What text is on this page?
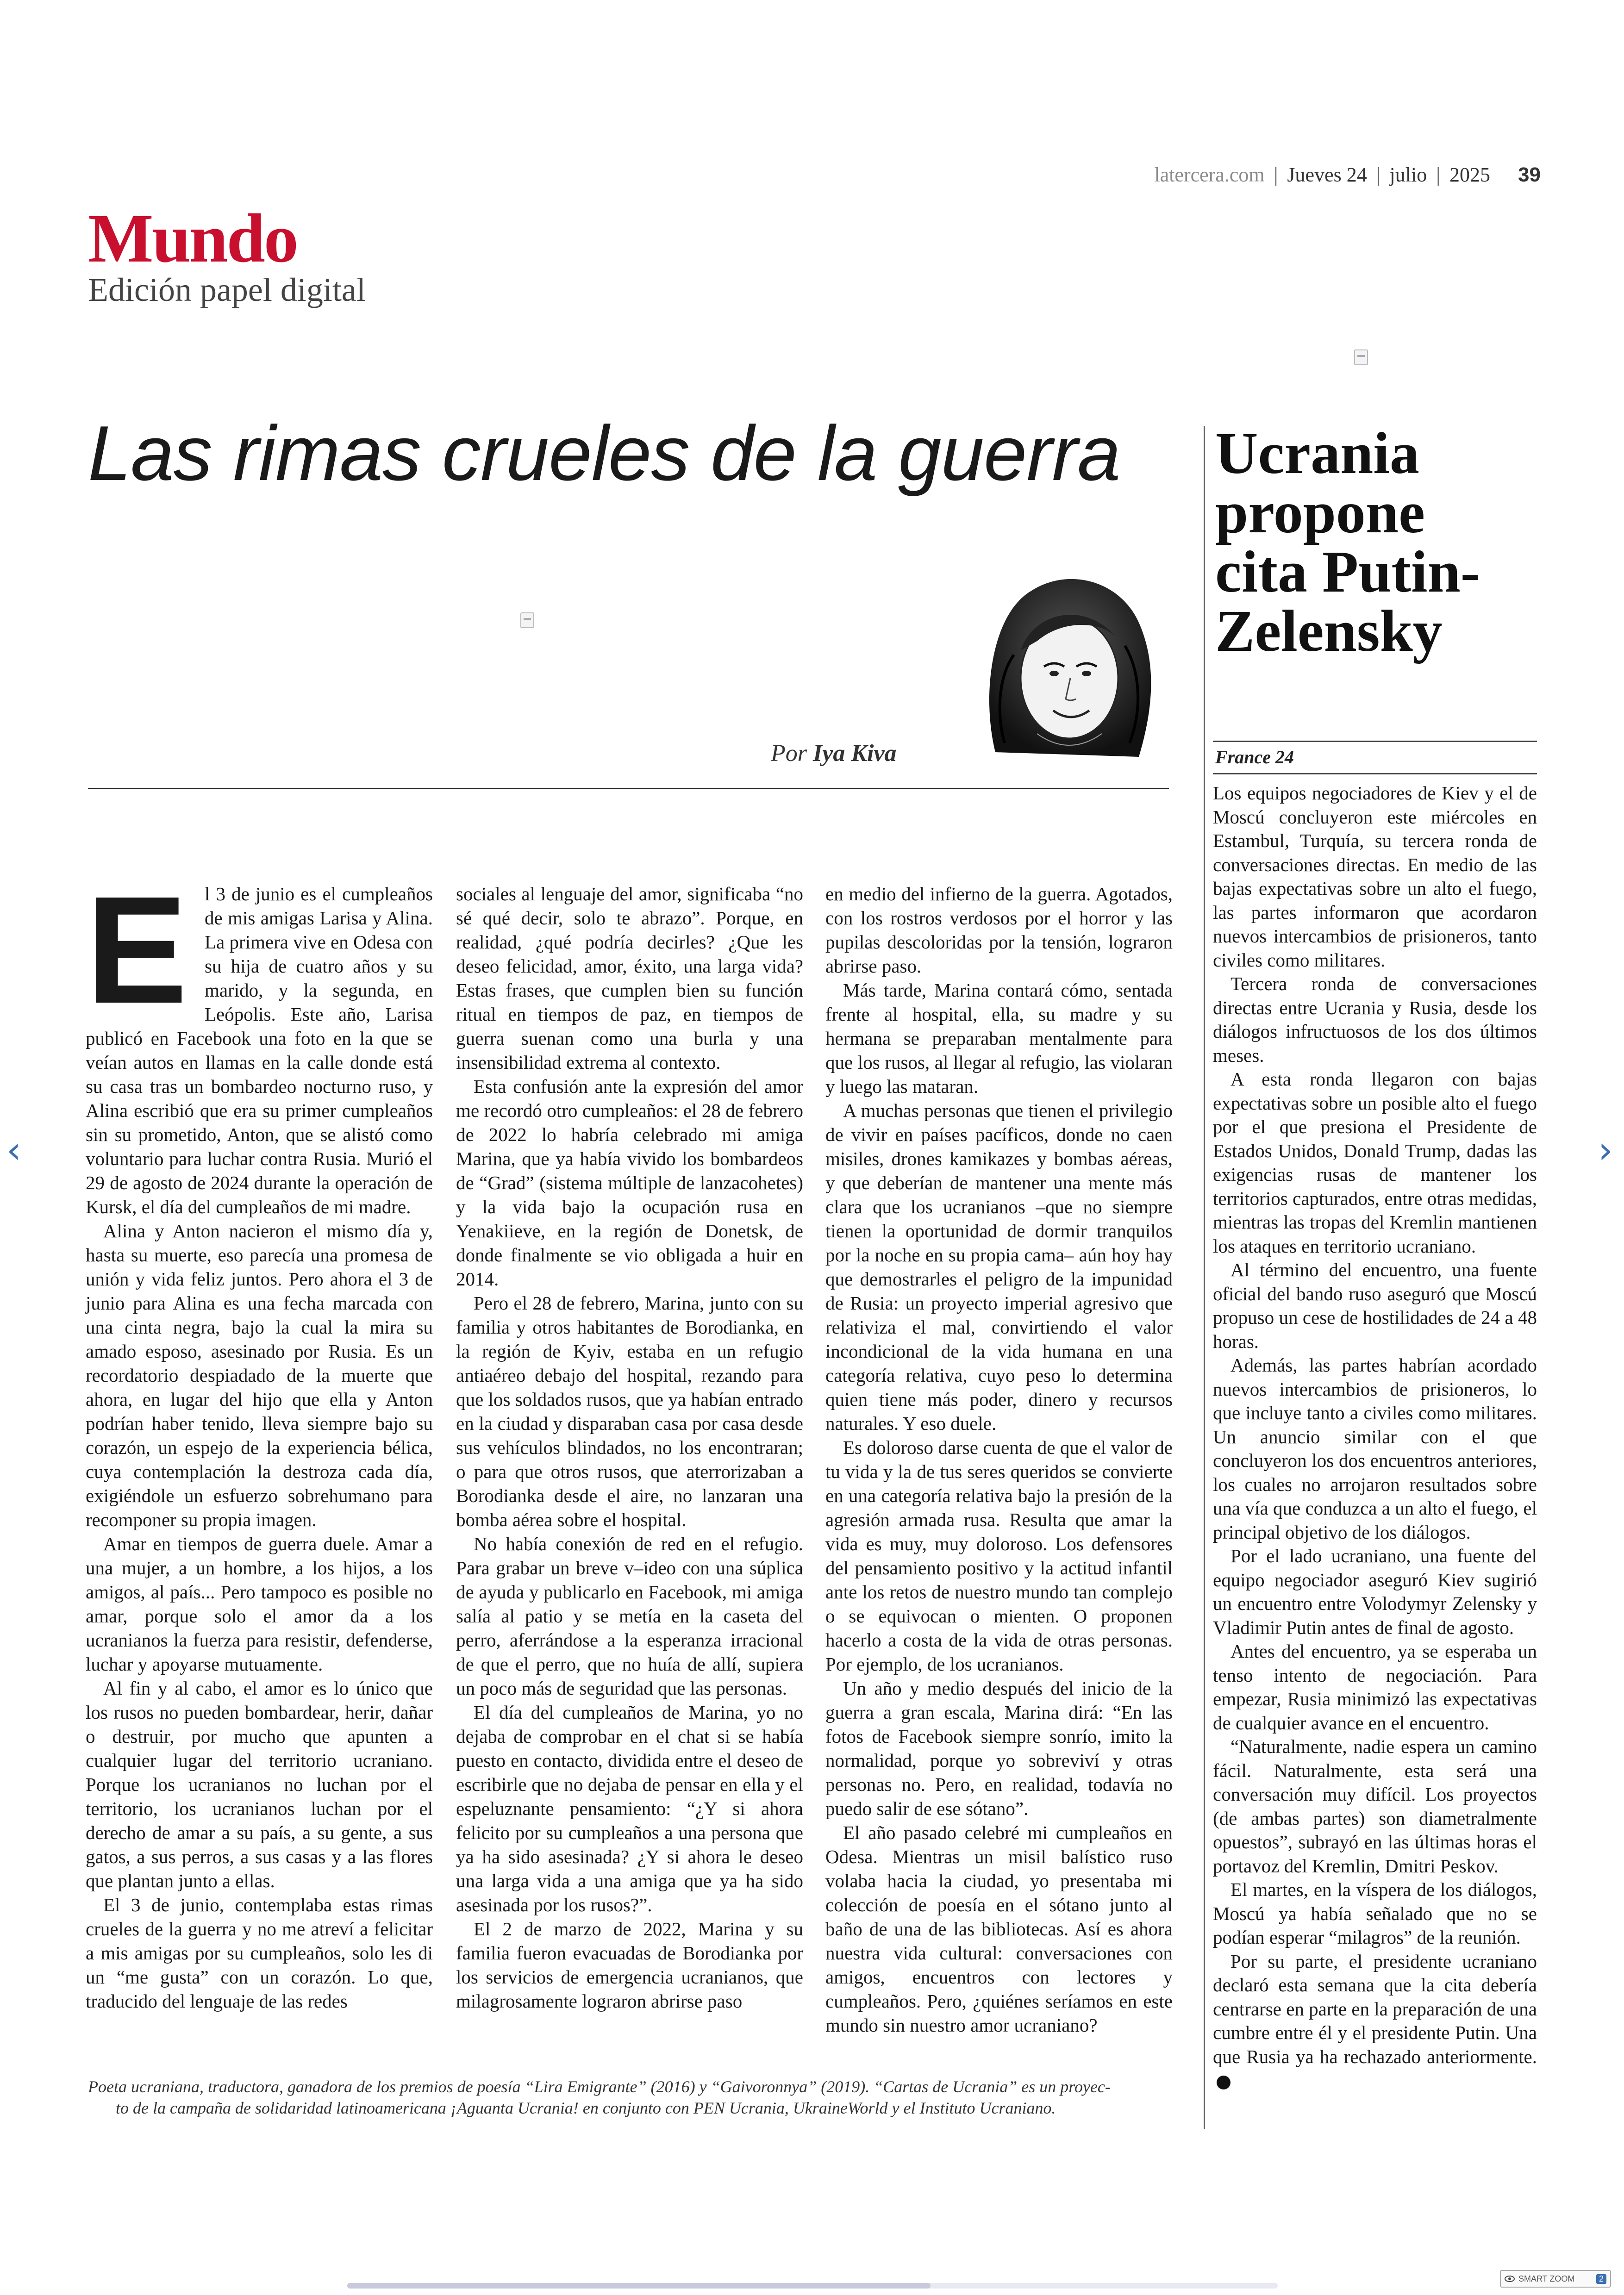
latercera.com | Jueves 24 | julio | 2025 39
Mundo
Edición papel digital
Las rimas crueles de la guerra
Por Iya Kiva
Ucrania propone cita Putin-Zelensky
France 24

Los equipos negociadores de Kiev y el de Moscú concluyeron este miércoles en Estambul, Turquía, su tercera ronda de conversaciones directas. En medio de las bajas expectativas sobre un alto el fuego, las partes informaron que acordaron nuevos intercambios de prisioneros, tanto civiles como militares.

Tercera ronda de conversaciones directas entre Ucrania y Rusia, desde los diálogos infructuosos de los dos últimos meses.

A esta ronda llegaron con bajas expectativas sobre un posible alto el fuego por el que presiona el Presidente de Estados Unidos, Donald Trump, dadas las exigencias rusas de mantener los territorios capturados, entre otras medidas, mientras las tropas del Kremlin mantienen los ataques en territorio ucraniano.

Al término del encuentro, una fuente oficial del bando ruso aseguró que Moscú propuso un cese de hostilidades de 24 a 48 horas.

Además, las partes habrían acordado nuevos intercambios de prisioneros, lo que incluye tanto a civiles como militares. Un anuncio similar con el que concluyeron los dos encuentros anteriores, los cuales no arrojaron resultados sobre una vía que conduzca a un alto el fuego, el principal objetivo de los diálogos.

Por el lado ucraniano, una fuente del equipo negociador aseguró Kiev sugirió un encuentro entre Volodymyr Zelensky y Vladimir Putin antes de final de agosto.

Antes del encuentro, ya se esperaba un tenso intento de negociación. Para empezar, Rusia minimizó las expectativas de cualquier avance en el encuentro.

“Naturalmente, nadie espera un camino fácil. Naturalmente, esta será una conversación muy difícil. Los proyectos (de ambas partes) son diametralmente opuestos”, subrayó en las últimas horas el portavoz del Kremlin, Dmitri Peskov.

El martes, en la víspera de los diálogos, Moscú ya había señalado que no se podían esperar “milagros” de la reunión.

Por su parte, el presidente ucraniano declaró esta semana que la cita debería centrarse en parte en la preparación de una cumbre entre él y el presidente Putin. Una que Rusia ya ha rechazado anteriormente.

E l 3 de junio es el cumpleaños de mis amigas Larisa y Alina. La primera vive en Odesa con su hija de cuatro años y su marido, y la segunda, en Leópolis. Este año, Larisa publicó en Facebook una foto en la que se veían autos en llamas en la calle donde está su casa tras un bombardeo nocturno ruso, y Alina escribió que era su primer cumpleaños sin su prometido, Anton, que se alistó como voluntario para luchar contra Rusia. Murió el 29 de agosto de 2024 durante la operación de Kursk, el día del cumpleaños de mi madre.

Alina y Anton nacieron el mismo día y, hasta su muerte, eso parecía una promesa de unión y vida feliz juntos. Pero ahora el 3 de junio para Alina es una fecha marcada con una cinta negra, bajo la cual la mira su amado esposo, asesinado por Rusia. Es un recordatorio despiadado de la muerte que ahora, en lugar del hijo que ella y Anton podrían haber tenido, lleva siempre bajo su corazón, un espejo de la experiencia bélica, cuya contemplación la destroza cada día, exigiéndole un esfuerzo sobrehumano para recomponer su propia imagen.

Amar en tiempos de guerra duele. Amar a una mujer, a un hombre, a los hijos, a los amigos, al país... Pero tampoco es posible no amar, porque solo el amor da a los ucranianos la fuerza para resistir, defenderse, luchar y apoyarse mutuamente.

Al fin y al cabo, el amor es lo único que los rusos no pueden bombardear, herir, dañar o destruir, por mucho que apunten a cualquier lugar del territorio ucraniano. Porque los ucranianos no luchan por el territorio, los ucranianos luchan por el derecho de amar a su país, a su gente, a sus gatos, a sus perros, a sus casas y a las flores que plantan junto a ellas.

El 3 de junio, contemplaba estas rimas crueles de la guerra y no me atreví a felicitar a mis amigas por su cumpleaños, solo les di un “me gusta” con un corazón. Lo que, traducido del lenguaje de las redes

sociales al lenguaje del amor, significaba “no sé qué decir, solo te abrazo”. Porque, en realidad, ¿qué podría decirles? ¿Que les deseo felicidad, amor, éxito, una larga vida? Estas frases, que cumplen bien su función ritual en tiempos de paz, en tiempos de guerra suenan como una burla y una insensibilidad extrema al contexto.

Esta confusión ante la expresión del amor me recordó otro cumpleaños: el 28 de febrero de 2022 lo habría celebrado mi amiga Marina, que ya había vivido los bombardeos de “Grad” (sistema múltiple de lanzacohetes) y la vida bajo la ocupación rusa en Yenakiieve, en la región de Donetsk, de donde finalmente se vio obligada a huir en 2014.

Pero el 28 de febrero, Marina, junto con su familia y otros habitantes de Borodianka, en la región de Kyiv, estaba en un refugio antiaéreo debajo del hospital, rezando para que los soldados rusos, que ya habían entrado en la ciudad y disparaban casa por casa desde sus vehículos blindados, no los encontraran; o para que otros rusos, que aterrorizaban a Borodianka desde el aire, no lanzaran una bomba aérea sobre el hospital.

No había conexión de red en el refugio. Para grabar un breve v–ideo con una súplica de ayuda y publicarlo en Facebook, mi amiga salía al patio y se metía en la caseta del perro, aferrándose a la esperanza irracional de que el perro, que no huía de allí, supiera un poco más de seguridad que las personas.

El día del cumpleaños de Marina, yo no dejaba de comprobar en el chat si se había puesto en contacto, dividida entre el deseo de escribirle que no dejaba de pensar en ella y el espeluznante pensamiento: “¿Y si ahora felicito por su cumpleaños a una persona que ya ha sido asesinada? ¿Y si ahora le deseo una larga vida a una amiga que ya ha sido asesinada por los rusos?”.

El 2 de marzo de 2022, Marina y su familia fueron evacuadas de Borodianka por los servicios de emergencia ucranianos, que milagrosamente lograron abrirse paso

en medio del infierno de la guerra. Agotados, con los rostros verdosos por el horror y las pupilas descoloridas por la tensión, lograron abrirse paso.

Más tarde, Marina contará cómo, sentada frente al hospital, ella, su madre y su hermana se preparaban mentalmente para que los rusos, al llegar al refugio, las violaran y luego las mataran.

A muchas personas que tienen el privilegio de vivir en países pacíficos, donde no caen misiles, drones kamikazes y bombas aéreas, y que deberían de mantener una mente más clara que los ucranianos –que no siempre tienen la oportunidad de dormir tranquilos por la noche en su propia cama– aún hoy hay que demostrarles el peligro de la impunidad de Rusia: un proyecto imperial agresivo que relativiza el mal, convirtiendo el valor incondicional de la vida humana en una categoría relativa, cuyo peso lo determina quien tiene más poder, dinero y recursos naturales. Y eso duele.

Es doloroso darse cuenta de que el valor de tu vida y la de tus seres queridos se convierte en una categoría relativa bajo la presión de la agresión armada rusa. Resulta que amar la vida es muy, muy doloroso. Los defensores del pensamiento positivo y la actitud infantil ante los retos de nuestro mundo tan complejo o se equivocan o mienten. O proponen hacerlo a costa de la vida de otras personas. Por ejemplo, de los ucranianos.

Un año y medio después del inicio de la guerra a gran escala, Marina dirá: “En las fotos de Facebook siempre sonrío, imito la normalidad, porque yo sobreviví y otras personas no. Pero, en realidad, todavía no puedo salir de ese sótano”.

El año pasado celebré mi cumpleaños en Odesa. Mientras un misil balístico ruso volaba hacia la ciudad, yo presentaba mi colección de poesía en el sótano junto al baño de una de las bibliotecas. Así es ahora nuestra vida cultural: conversaciones con amigos, encuentros con lectores y cumpleaños. Pero, ¿quiénes seríamos en este mundo sin nuestro amor ucraniano?

Poeta ucraniana, traductora, ganadora de los premios de poesía “Lira Emigrante” (2016) y “Gaivoronnya” (2019). “Cartas de Ucrania” es un proyec-

to de la campaña de solidaridad latinoamericana ¡Aguanta Ucrania! en conjunto con PEN Ucrania, UkraineWorld y el Instituto Ucraniano.

‹	›
SMART ZOOM	2
